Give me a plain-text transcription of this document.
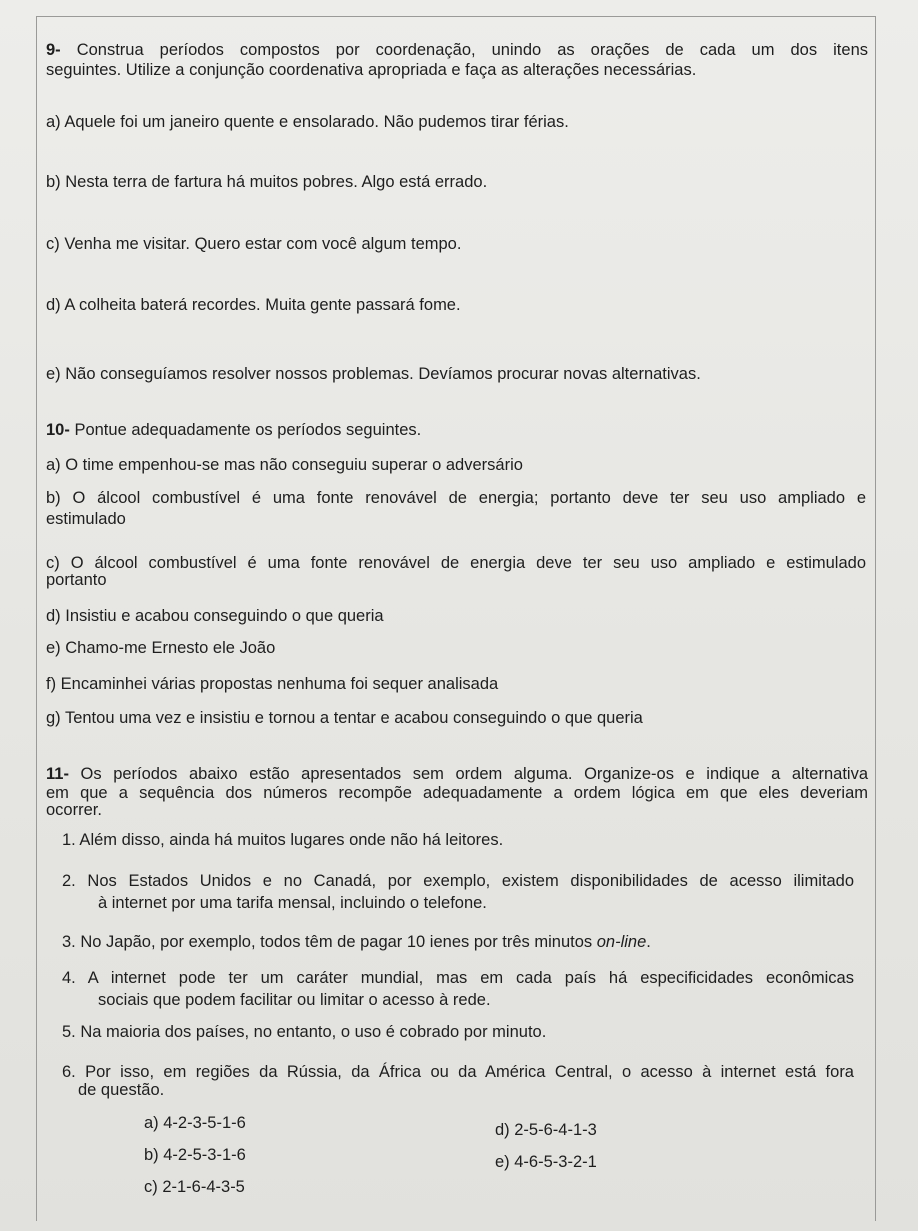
9- Construa períodos compostos por coordenação, unindo as orações de cada um dos itens
seguintes. Utilize a conjunção coordenativa apropriada e faça as alterações necessárias.
a) Aquele foi um janeiro quente e ensolarado. Não pudemos tirar férias.
b) Nesta terra de fartura há muitos pobres. Algo está errado.
c) Venha me visitar. Quero estar com você algum tempo.
d) A colheita baterá recordes. Muita gente passará fome.
e) Não conseguíamos resolver nossos problemas. Devíamos procurar novas alternativas.
10- Pontue adequadamente os períodos seguintes.
a) O time empenhou-se mas não conseguiu superar o adversário
b) O álcool combustível é uma fonte renovável de energia; portanto deve ter seu uso ampliado e
estimulado
c) O álcool combustível é uma fonte renovável de energia deve ter seu uso ampliado e estimulado
portanto
d) Insistiu e acabou conseguindo o que queria
e) Chamo-me Ernesto ele João
f) Encaminhei várias propostas nenhuma foi sequer analisada
g) Tentou uma vez e insistiu e tornou a tentar e acabou conseguindo o que queria
11- Os períodos abaixo estão apresentados sem ordem alguma. Organize-os e indique a alternativa
em que a sequência dos números recompõe adequadamente a ordem lógica em que eles deveriam
ocorrer.
1. Além disso, ainda há muitos lugares onde não há leitores.
2. Nos Estados Unidos e no Canadá, por exemplo, existem disponibilidades de acesso ilimitado
à internet por uma tarifa mensal, incluindo o telefone.
3. No Japão, por exemplo, todos têm de pagar 10 ienes por três minutos on-line.
4. A internet pode ter um caráter mundial, mas em cada país há especificidades econômicas
sociais que podem facilitar ou limitar o acesso à rede.
5. Na maioria dos países, no entanto, o uso é cobrado por minuto.
6. Por isso, em regiões da Rússia, da África ou da América Central, o acesso à internet está fora
de questão.
a) 4-2-3-5-1-6
b) 4-2-5-3-1-6
c) 2-1-6-4-3-5
d) 2-5-6-4-1-3
e) 4-6-5-3-2-1
